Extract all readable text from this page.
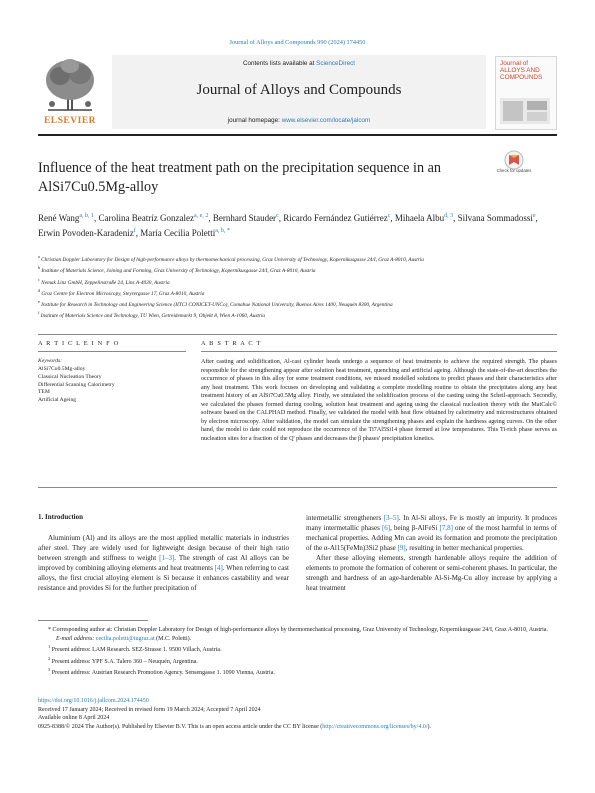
Journal of Alloys and Compounds 990 (2024) 174450
ELSEVIER
Contents lists available at ScienceDirect
Journal of Alloys and Compounds
journal homepage: www.elsevier.com/locate/jalcom
Journal of ALLOYS AND COMPOUNDS
Influence of the heat treatment path on the precipitation sequence in an AlSi7Cu0.5Mg-alloy
Check for updates
René Wang$^{a, b, 1}$, Carolina Beatríz Gonzalez$^{a, e, 2}$, Bernhard Stauder$^c$, Ricardo Fernández Gutiérrez$^c$, Mihaela Albu$^{d, 3}$, Silvana Sommadossi$^e$, Erwin Povoden-Karadeniz$^f$, María Cecilia Poletti$^{a, b, *}$
$^a$ Christian Doppler Laboratory for Design of high-performance alloys by thermomechanical processing, Graz University of Technology, Kopernikusgasse 24/I, Graz A-8010, Austria
$^b$ Institute of Materials Science, Joining and Forming, Graz University of Technology, Kopernikusgasse 24/I, Graz A-8010, Austria
$^c$ Nemak Linz GmbH, Zeppelinstraße 24, Linz A-4030, Austria
$^d$ Graz Centre for Electron Microscopy, Steyrergasse 17, Graz A-8010, Austria
$^e$ Institute for Research in Technology and Engineering Science (IITCI CONICET-UNCo), Comahue National University, Buenos Aires 1400, Neuquén 8300, Argentina
$^f$ Institute of Materials Science and Technology, TU Wien, Getreidemarkt 9, Objekt 8, Wien A-1060, Austria
A R T I C L E I N F O	A B S T R A C T
Keywords:
AlSi7Cu0.5Mg-alloy
Classical Nucleation Theory
Differential Scanning Calorimetry
TEM
Artificial Ageing
After casting and solidification, Al-cast cylinder heads undergo a sequence of heat treatments to achieve the required strength. The phases responsible for the strengthening appear after solution heat treatment, quenching and artificial ageing. Although the state-of-the-art describes the occurrence of phases in this alloy for some treatment conditions, we missed modelled solutions to predict phases and their characteristics after any heat treatment. This work focuses on developing and validating a complete modelling routine to obtain the precipitates along any heat treatment history of an AlSi7Cu0.5Mg alloy. Firstly, we simulated the solidification process of the casting using the Scheil-approach. Secondly, we calculated the phases formed during cooling, solution heat treatment and ageing using the classical nucleation theory with the MatCalc© software based on the CALPHAD method. Finally, we validated the model with heat flow obtained by calorimetry and microstructures obtained by electron microscopy. After validation, the model can simulate the strengthening phases and explain the hardness ageing curves. On the other hand, the model to date could not reproduce the occurrence of the Ti7Al5Si14 phase formed at low temperatures. This Ti-rich phase serves as nucleation sites for a fraction of the Q' phases and decreases the β phases' precipitation kinetics.
1. Introduction
Aluminium (Al) and its alloys are the most applied metallic materials in industries after steel. They are widely used for lightweight design because of their high ratio between strength and stiffness to weight [1–3]. The strength of cast Al alloys can be improved by combining alloying elements and heat treatments [4]. When referring to cast alloys, the first crucial alloying element is Si because it enhances castability and wear resistance and provides Si for the further precipitation of
intermetallic strengtheners [3–5]. In Al-Si alloys, Fe is mostly an impurity. It produces many intermetallic phases [6], being β-AlFeSi [7,8] one of the most harmful in terms of mechanical properties. Adding Mn can avoid its formation and promote the precipitation of the α-Al15(FeMn)3Si2 phase [9], resulting in better mechanical properties.
After these alloying elements, strength hardenable alloys require the addition of elements to promote the formation of coherent or semi-coherent phases. In particular, the strength and hardness of an age-hardenable Al-Si-Mg-Cu alloy increase by applying a heat treatment
* Corresponding author at: Christian Doppler Laboratory for Design of high-performance alloys by thermomechanical processing, Graz University of Technology, Kopernikusgasse 24/I, Graz A-8010, Austria.
E-mail address: cecilia.poletti@tugraz.at (M.C. Poletti).
$^1$ Present address: LAM Research. SEZ-Strasse 1. 9500 Villach, Austria.
$^2$ Present address: YPF S.A. Talero 360 – Neuquén, Argentina.
$^3$ Present address: Austrian Research Promotion Agency. Sensengasse 1. 1090 Vienna, Austria.
https://doi.org/10.1016/j.jallcom.2024.174450
Received 17 January 2024; Received in revised form 19 March 2024; Accepted 7 April 2024
Available online 8 April 2024
0925-8388/© 2024 The Author(s). Published by Elsevier B.V. This is an open access article under the CC BY license (http://creativecommons.org/licenses/by/4.0/).
